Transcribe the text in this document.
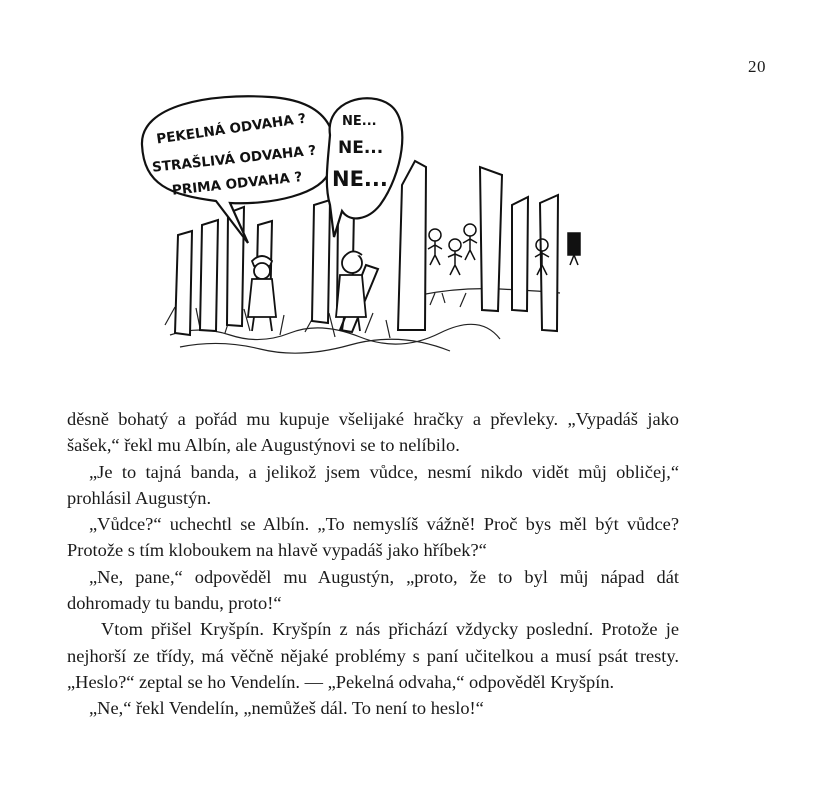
20
PEKELNÁ ODVAHA ?
STRAŠLIVÁ ODVAHA ?
PRIMA ODVAHA ?
NE...
NE...
NE...

děsně bohatý a pořád mu kupuje všelijaké hračky a převleky. „Vypadáš jako šašek,“ řekl mu Albín, ale Augustýnovi se to nelíbilo.

„Je to tajná banda, a jelikož jsem vůdce, nesmí nikdo vidět můj obličej,“ prohlásil Augustýn.

„Vůdce?“ uchechtl se Albín. „To nemyslíš vážně! Proč bys měl být vůdce? Protože s tím kloboukem na hlavě vypadáš jako hříbek?“

„Ne, pane,“ odpověděl mu Augustýn, „proto, že to byl můj nápad dát dohromady tu bandu, proto!“

Vtom přišel Kryšpín. Kryšpín z nás přichází vždycky poslední. Protože je nejhorší ze třídy, má věčně nějaké problémy s paní učitelkou a musí psát tresty. „Heslo?“ zeptal se ho Vendelín. — „Pekelná odvaha,“ odpověděl Kryšpín.

„Ne,“ řekl Vendelín, „nemůžeš dál. To není to heslo!“
